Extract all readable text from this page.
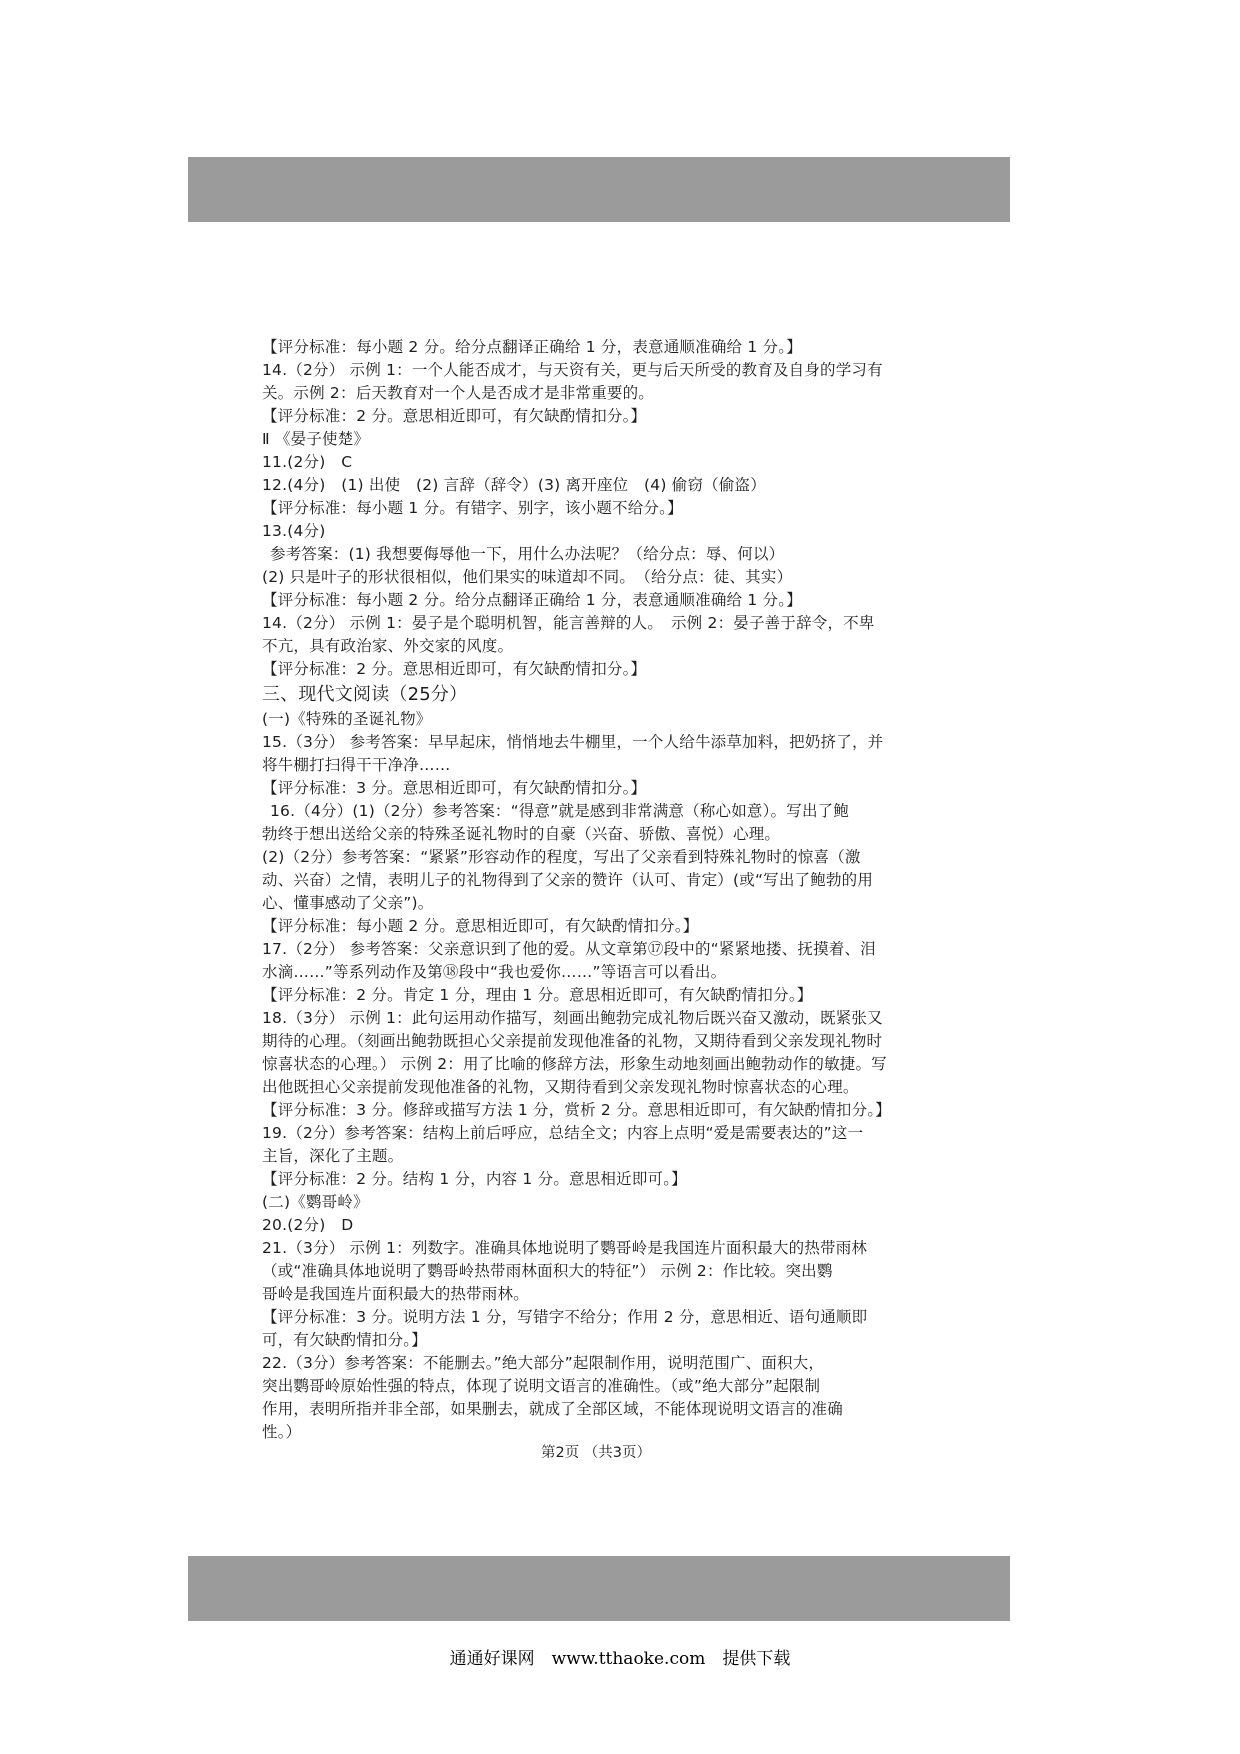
【评分标准：每小题 2 分。给分点翻译正确给 1 分，表意通顺准确给 1 分。】
14.（2分） 示例 1：一个人能否成才，与天资有关，更与后天所受的教育及自身的学习有
关。示例 2：后天教育对一个人是否成才是非常重要的。
【评分标准：2 分。意思相近即可，有欠缺酌情扣分。】
Ⅱ 《晏子使楚》
11.(2分)　C
12.(4分)　(1) 出使　(2) 言辞（辞令）(3) 离开座位　(4) 偷窃（偷盗）
【评分标准：每小题 1 分。有错字、别字，该小题不给分。】
13.(4分)
参考答案：(1) 我想要侮辱他一下，用什么办法呢？（给分点：辱、何以）
(2) 只是叶子的形状很相似，他们果实的味道却不同。　（给分点：徒、其实）
【评分标准：每小题 2 分。给分点翻译正确给 1 分，表意通顺准确给 1 分。】
14.（2分） 示例 1：晏子是个聪明机智，能言善辩的人。　示例 2：晏子善于辞令，不卑
不亢，具有政治家、外交家的风度。
【评分标准：2 分。意思相近即可，有欠缺酌情扣分。】
三、现代文阅读（25分）
(一)《特殊的圣诞礼物》
15.（3分） 参考答案：早早起床，悄悄地去牛棚里，一个人给牛添草加料，把奶挤了，并
将牛棚打扫得干干净净……
【评分标准：3 分。意思相近即可，有欠缺酌情扣分。】
16.（4分）(1)（2分）参考答案：“得意”就是感到非常满意（称心如意）。写出了鲍
勃终于想出送给父亲的特殊圣诞礼物时的自豪（兴奋、骄傲、喜悦）心理。
(2)（2分）参考答案：“紧紧”形容动作的程度，写出了父亲看到特殊礼物时的惊喜（激
动、兴奋）之情，表明儿子的礼物得到了父亲的赞许（认可、肯定）(或“写出了鲍勃的用
心、懂事感动了父亲”)。
【评分标准：每小题 2 分。意思相近即可，有欠缺酌情扣分。】
17.（2分） 参考答案：父亲意识到了他的爱。从文章第⑰段中的“紧紧地搂、抚摸着、泪
水滴……”等系列动作及第⑱段中“我也爱你……”等语言可以看出。
【评分标准：2 分。肯定 1 分，理由 1 分。意思相近即可，有欠缺酌情扣分。】
18.（3分） 示例 1：此句运用动作描写，刻画出鲍勃完成礼物后既兴奋又激动，既紧张又
期待的心理。（刻画出鲍勃既担心父亲提前发现他准备的礼物，又期待看到父亲发现礼物时
惊喜状态的心理。） 示例 2：用了比喻的修辞方法，形象生动地刻画出鲍勃动作的敏捷。写
出他既担心父亲提前发现他准备的礼物，又期待看到父亲发现礼物时惊喜状态的心理。
【评分标准：3 分。修辞或描写方法 1 分，赏析 2 分。意思相近即可，有欠缺酌情扣分。】
19.（2分）参考答案：结构上前后呼应，总结全文；内容上点明“爱是需要表达的”这一
主旨，深化了主题。
【评分标准：2 分。结构 1 分，内容 1 分。意思相近即可。】
(二)《鹦哥岭》
20.(2分)　D
21.（3分） 示例 1：列数字。准确具体地说明了鹦哥岭是我国连片面积最大的热带雨林
（或“准确具体地说明了鹦哥岭热带雨林面积大的特征”） 示例 2：作比较。突出鹦
哥岭是我国连片面积最大的热带雨林。
【评分标准：3 分。说明方法 1 分，写错字不给分；作用 2 分，意思相近、语句通顺即
可，有欠缺酌情扣分。】
22.（3分）参考答案：不能删去。”绝大部分”起限制作用，说明范围广、面积大，
突出鹦哥岭原始性强的特点，体现了说明文语言的准确性。（或”绝大部分”起限制
作用，表明所指并非全部，如果删去，就成了全部区域，不能体现说明文语言的准确
性。）
第2页 （共3页）
通通好课网　www.tthaoke.com　提供下载
